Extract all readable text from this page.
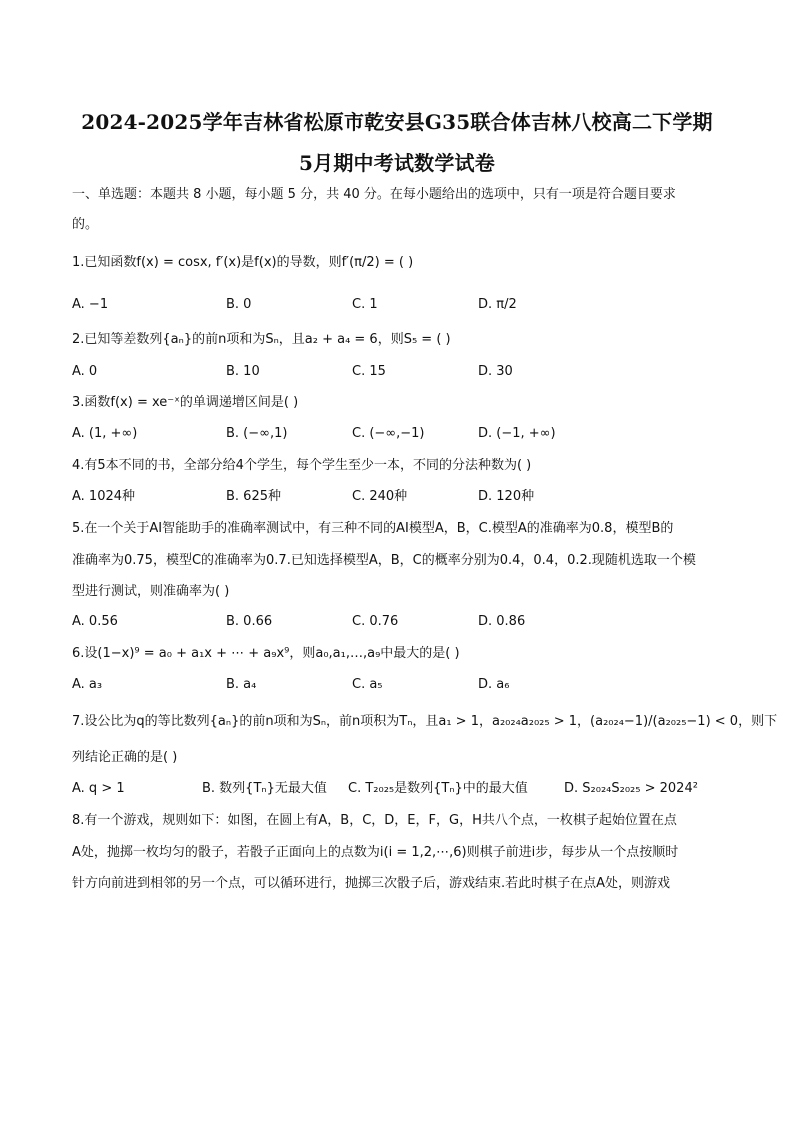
2024-2025学年吉林省松原市乾安县G35联合体吉林八校高二下学期
5月期中考试数学试卷
一、单选题：本题共 8 小题，每小题 5 分，共 40 分。在每小题给出的选项中，只有一项是符合题目要求
的。
1.已知函数f(x) = cosx, f′(x)是f(x)的导数，则f′(π/2) = ( )
A. −1	B. 0	C. 1	D. π/2
2.已知等差数列{aₙ}的前n项和为Sₙ，且a₂ + a₄ = 6，则S₅ = ( )
A. 0	B. 10	C. 15	D. 30
3.函数f(x) = xe⁻ˣ的单调递增区间是( )
A. (1, +∞)	B. (−∞,1)	C. (−∞,−1)	D. (−1, +∞)
4.有5本不同的书，全部分给4个学生，每个学生至少一本，不同的分法种数为( )
A. 1024种	B. 625种	C. 240种	D. 120种
5.在一个关于AI智能助手的准确率测试中，有三种不同的AI模型A，B，C.模型A的准确率为0.8，模型B的
准确率为0.75，模型C的准确率为0.7.已知选择模型A，B，C的概率分别为0.4，0.4，0.2.现随机选取一个模
型进行测试，则准确率为( )
A. 0.56	B. 0.66	C. 0.76	D. 0.86
6.设(1−x)⁹ = a₀ + a₁x + ⋯ + a₉x⁹，则a₀,a₁,…,a₉中最大的是( )
A. a₃	B. a₄	C. a₅	D. a₆
7.设公比为q的等比数列{aₙ}的前n项和为Sₙ，前n项积为Tₙ，且a₁ > 1，a₂₀₂₄a₂₀₂₅ > 1，(a₂₀₂₄−1)/(a₂₀₂₅−1) < 0，则下
列结论正确的是( )
A. q > 1	B. 数列{Tₙ}无最大值 C. T₂₀₂₅是数列{Tₙ}中的最大值	D. S₂₀₂₄S₂₀₂₅ > 2024²
8.有一个游戏，规则如下：如图，在圆上有A，B，C，D，E，F，G，H共八个点，一枚棋子起始位置在点
A处，抛掷一枚均匀的骰子，若骰子正面向上的点数为i(i = 1,2,⋯,6)则棋子前进i步，每步从一个点按顺时
针方向前进到相邻的另一个点，可以循环进行，抛掷三次骰子后，游戏结束.若此时棋子在点A处，则游戏
